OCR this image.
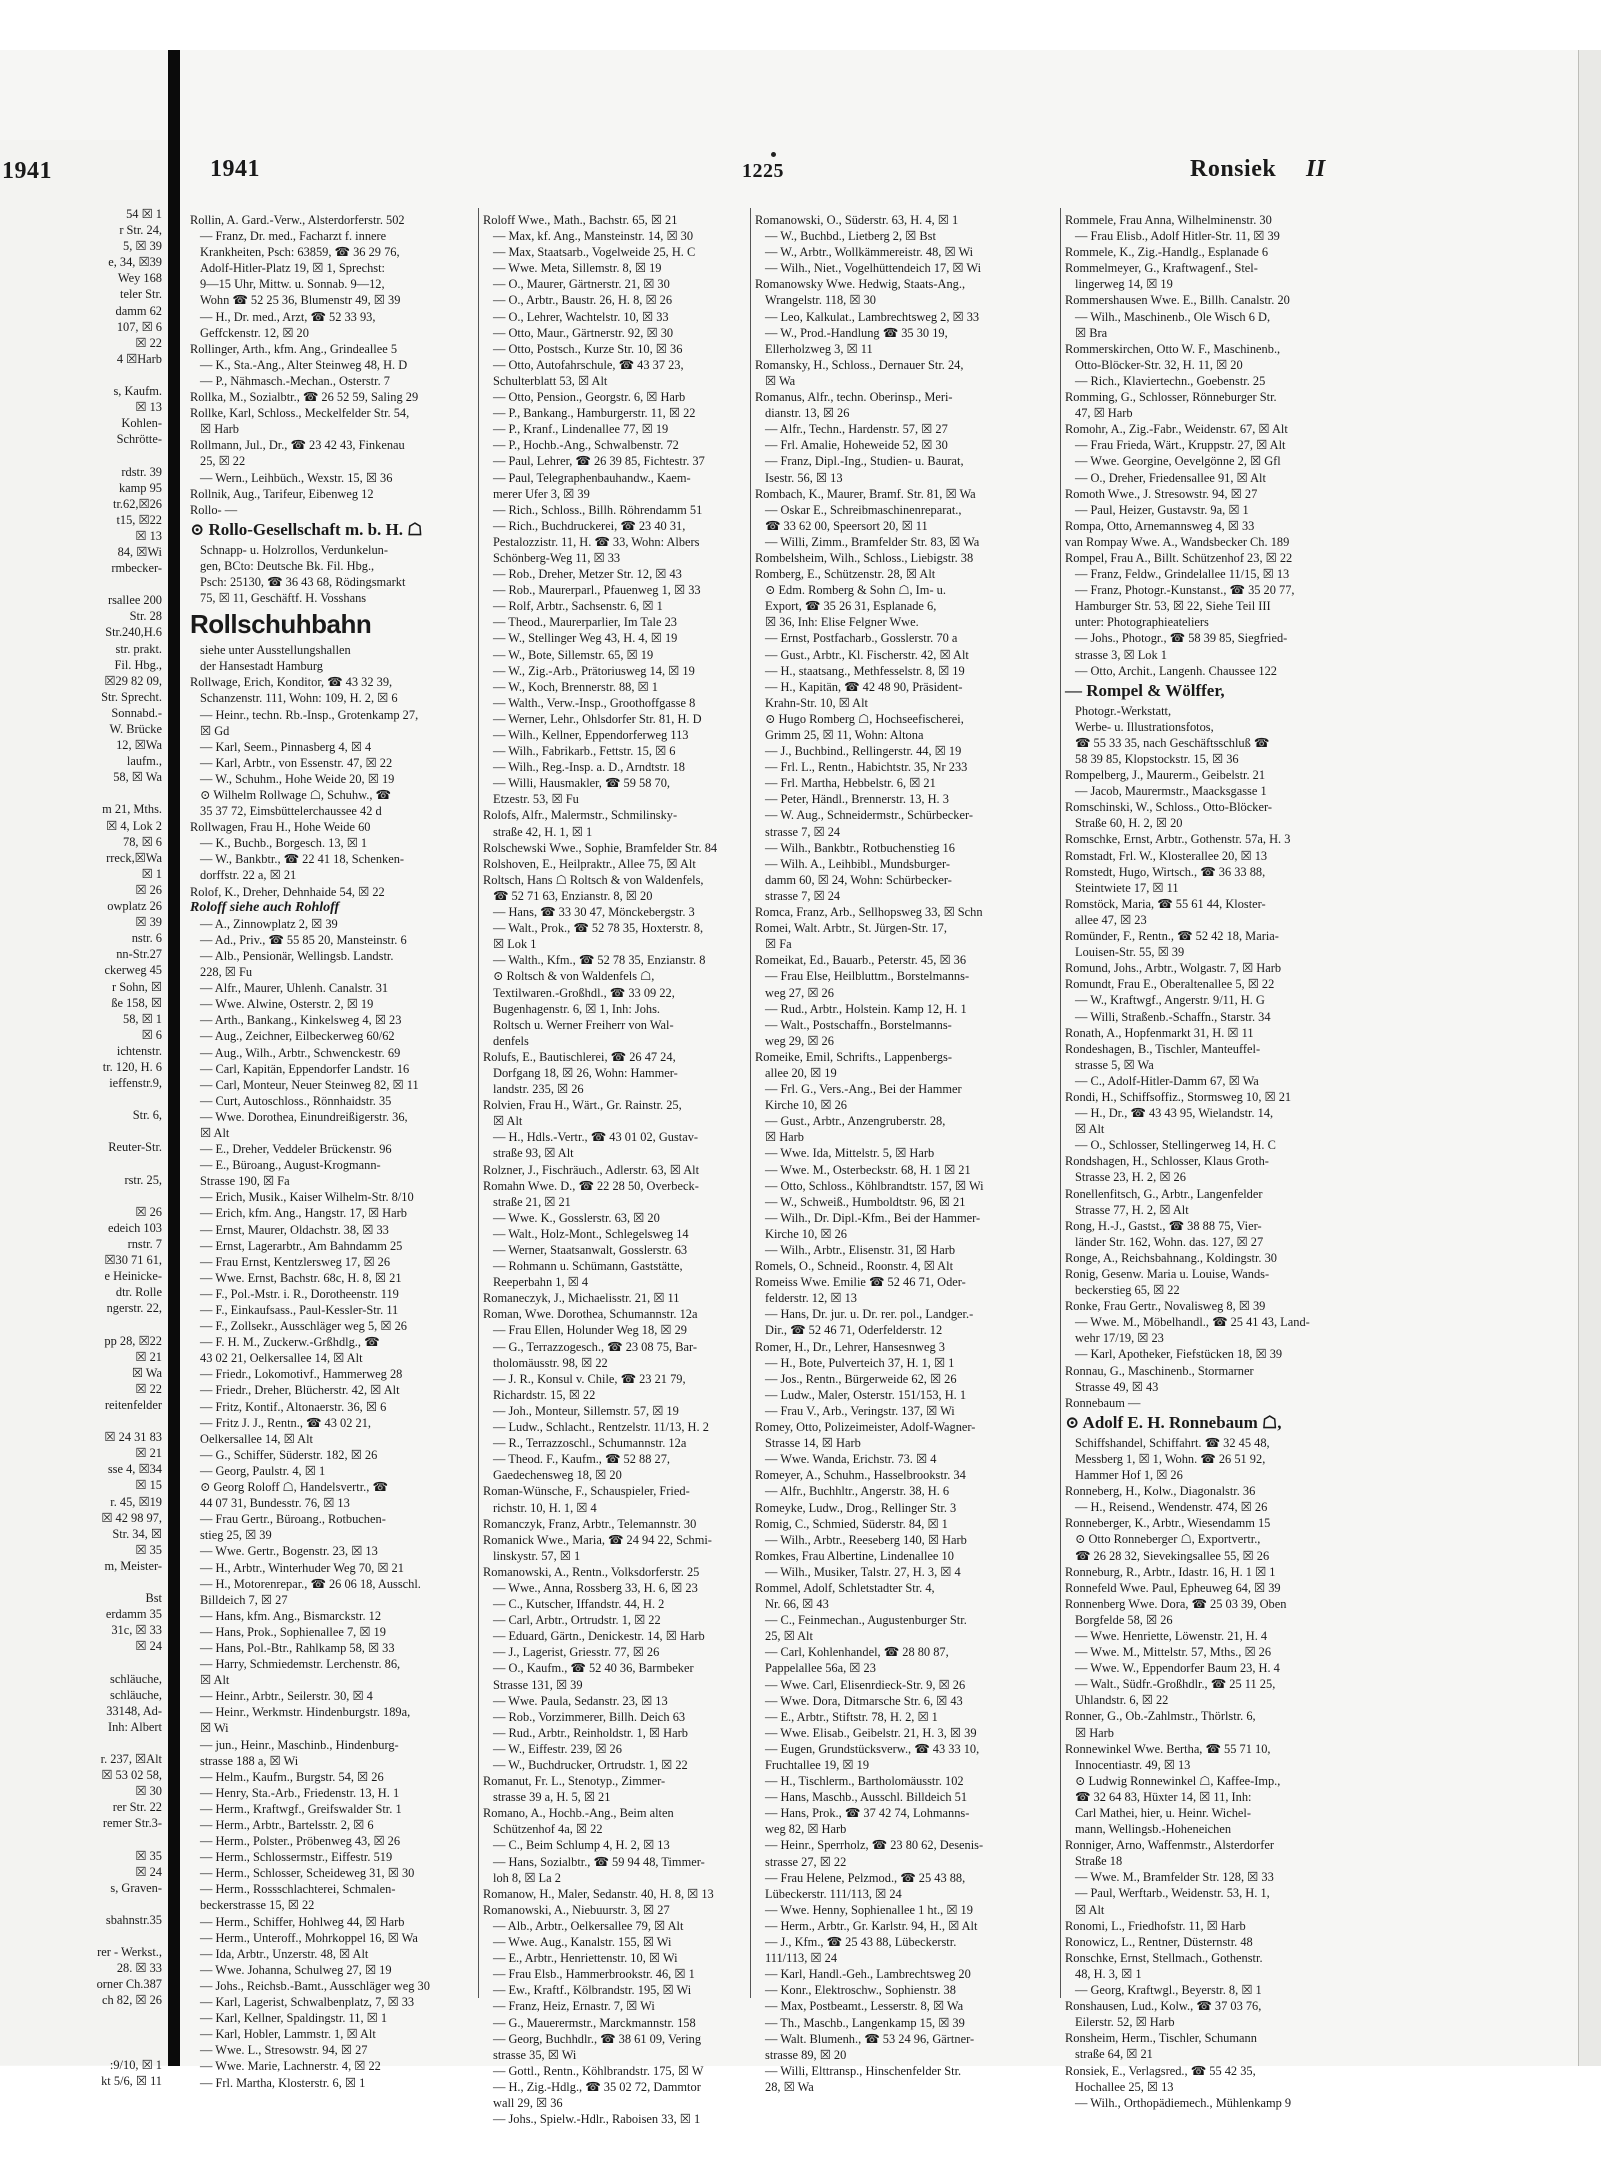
1941
54 ☒ 1
r Str. 24,
5, ☒ 39
e, 34, ☒39
Wey 168
teler Str.
damm 62
107, ☒ 6
☒ 22
4 ☒Harb

s, Kaufm.
☒ 13
Kohlen-
Schrötte-

rdstr. 39
kamp 95
tr.62,☒26
t15, ☒22
☒ 13
84, ☒Wi
rmbecker-

rsallee 200
Str. 28
Str.240,H.6
str. prakt.
Fil. Hbg.,
☒29 82 09,
Str. Sprecht.
Sonnabd.-
W. Brücke
12, ☒Wa
laufm.,
58, ☒ Wa

m 21, Mths.
☒ 4, Lok 2
78, ☒ 6
rreck,☒Wa
☒ 1
☒ 26
owplatz 26
☒ 39
nstr. 6
nn-Str.27
ckerweg 45
r Sohn, ☒
ße 158, ☒
58, ☒ 1
☒ 6
ichtenstr.
tr. 120, H. 6
ieffenstr.9,

Str. 6,

Reuter-Str.

rstr. 25,

☒ 26
edeich 103
rnstr. 7
☒30 71 61,
e Heinicke-
dtr. Rolle
ngerstr. 22,

pp 28, ☒22
☒ 21
☒ Wa
☒ 22
reitenfelder

☒ 24 31 83
☒ 21
sse 4, ☒34
☒ 15
r. 45, ☒19
☒ 42 98 97,
Str. 34, ☒
☒ 35
m, Meister-

Bst
erdamm 35
31c, ☒ 33
☒ 24

schläuche,
schläuche,
33148, Ad-
Inh: Albert

r. 237, ☒Alt
☒ 53 02 58,
☒ 30
rer Str. 22
remer Str.3-

☒ 35
☒ 24
s, Graven-

sbahnstr.35

rer - Werkst.,
28. ☒ 33
orner Ch.387
ch 82, ☒ 26

:9/10, ☒ 1
kt 5/6, ☒ 11
1941	1225	Ronsiek II
Rollin, A. Gard.-Verw., Alsterdorferstr. 502
— Franz, Dr. med., Facharzt f. innere
Krankheiten, Psch: 63859, ☎ 36 29 76,
Adolf-Hitler-Platz 19, ☒ 1, Sprechst:
9—15 Uhr, Mittw. u. Sonnab. 9—12,
Wohn ☎ 52 25 36, Blumenstr 49, ☒ 39
— H., Dr. med., Arzt, ☎ 52 33 93,
Geffckenstr. 12, ☒ 20
Rollinger, Arth., kfm. Ang., Grindeallee 5
— K., Sta.-Ang., Alter Steinweg 48, H. D
— P., Nähmasch.-Mechan., Osterstr. 7
Rollka, M., Sozialbtr., ☎ 26 52 59, Saling 29
Rollke, Karl, Schloss., Meckelfelder Str. 54,
☒ Harb
Rollmann, Jul., Dr., ☎ 23 42 43, Finkenau
25, ☒ 22
— Wern., Leihbüch., Wexstr. 15, ☒ 36
Rollnik, Aug., Tarifeur, Eibenweg 12
Rollo- —
⊙ Rollo-Gesellschaft m. b. H. ☖
Schnapp- u. Holzrollos, Verdunkelun-
gen, BCto: Deutsche Bk. Fil. Hbg.,
Psch: 25130, ☎ 36 43 68, Rödingsmarkt
75, ☒ 11, Geschäftf. H. Vosshans
Rollschuhbahn
siehe unter Ausstellungshallen
der Hansestadt Hamburg
Rollwage, Erich, Konditor, ☎ 43 32 39,
Schanzenstr. 111, Wohn: 109, H. 2, ☒ 6
— Heinr., techn. Rb.-Insp., Grotenkamp 27,
☒ Gd
— Karl, Seem., Pinnasberg 4, ☒ 4
— Karl, Arbtr., von Essenstr. 47, ☒ 22
— W., Schuhm., Hohe Weide 20, ☒ 19
⊙ Wilhelm Rollwage ☖, Schuhw., ☎
35 37 72, Eimsbüttelerchaussee 42 d
Rollwagen, Frau H., Hohe Weide 60
— K., Buchb., Borgesch. 13, ☒ 1
— W., Bankbtr., ☎ 22 41 18, Schenken-
dorffstr. 22 a, ☒ 21
Rolof, K., Dreher, Dehnhaide 54, ☒ 22
Roloff siehe auch Rohloff
— A., Zinnowplatz 2, ☒ 39
— Ad., Priv., ☎ 55 85 20, Mansteinstr. 6
— Alb., Pensionär, Wellingsb. Landstr.
228, ☒ Fu
— Alfr., Maurer, Uhlenh. Canalstr. 31
— Wwe. Alwine, Osterstr. 2, ☒ 19
— Arth., Bankang., Kinkelsweg 4, ☒ 23
— Aug., Zeichner, Eilbeckerweg 60/62
— Aug., Wilh., Arbtr., Schwenckestr. 69
— Carl, Kapitän, Eppendorfer Landstr. 16
— Carl, Monteur, Neuer Steinweg 82, ☒ 11
— Curt, Autoschloss., Rönnhaidstr. 35
— Wwe. Dorothea, Einundreißigerstr. 36,
☒ Alt
— E., Dreher, Veddeler Brückenstr. 96
— E., Büroang., August-Krogmann-
Strasse 190, ☒ Fa
— Erich, Musik., Kaiser Wilhelm-Str. 8/10
— Erich, kfm. Ang., Hangstr. 17, ☒ Harb
— Ernst, Maurer, Oldachstr. 38, ☒ 33
— Ernst, Lagerarbtr., Am Bahndamm 25
— Frau Ernst, Kentzlersweg 17, ☒ 26
— Wwe. Ernst, Bachstr. 68c, H. 8, ☒ 21
— F., Pol.-Mstr. i. R., Dorotheenstr. 119
— F., Einkaufsass., Paul-Kessler-Str. 11
— F., Zollsekr., Ausschläger weg 5, ☒ 26
— F. H. M., Zuckerw.-Grßhdlg., ☎
43 02 21, Oelkersallee 14, ☒ Alt
— Friedr., Lokomotivf., Hammerweg 28
— Friedr., Dreher, Blücherstr. 42, ☒ Alt
— Fritz, Kontif., Altonaerstr. 36, ☒ 6
— Fritz J. J., Rentn., ☎ 43 02 21,
Oelkersallee 14, ☒ Alt
— G., Schiffer, Süderstr. 182, ☒ 26
— Georg, Paulstr. 4, ☒ 1
⊙ Georg Roloff ☖, Handelsvertr., ☎
44 07 31, Bundesstr. 76, ☒ 13
— Frau Gertr., Büroang., Rotbuchen-
stieg 25, ☒ 39
— Wwe. Gertr., Bogenstr. 23, ☒ 13
— H., Arbtr., Winterhuder Weg 70, ☒ 21
— H., Motorenrepar., ☎ 26 06 18, Ausschl.
Billdeich 7, ☒ 27
— Hans, kfm. Ang., Bismarckstr. 12
— Hans, Prok., Sophienallee 7, ☒ 19
— Hans, Pol.-Btr., Rahlkamp 58, ☒ 33
— Harry, Schmiedemstr. Lerchenstr. 86,
☒ Alt
— Heinr., Arbtr., Seilerstr. 30, ☒ 4
— Heinr., Werkmstr. Hindenburgstr. 189a,
☒ Wi
— jun., Heinr., Maschinb., Hindenburg-
strasse 188 a, ☒ Wi
— Helm., Kaufm., Burgstr. 54, ☒ 26
— Henry, Sta.-Arb., Friedenstr. 13, H. 1
— Herm., Kraftwgf., Greifswalder Str. 1
— Herm., Arbtr., Bartelsstr. 2, ☒ 6
— Herm., Polster., Pröbenweg 43, ☒ 26
— Herm., Schlossermstr., Eiffestr. 519
— Herm., Schlosser, Scheideweg 31, ☒ 30
— Herm., Rossschlachterei, Schmalen-
beckerstrasse 15, ☒ 22
— Herm., Schiffer, Hohlweg 44, ☒ Harb
— Herm., Unteroff., Mohrkoppel 16, ☒ Wa
— Ida, Arbtr., Unzerstr. 48, ☒ Alt
— Wwe. Johanna, Schulweg 27, ☒ 19
— Johs., Reichsb.-Bamt., Ausschläger weg 30
— Karl, Lagerist, Schwalbenplatz, 7, ☒ 33
— Karl, Kellner, Spaldingstr. 11, ☒ 1
— Karl, Hobler, Lammstr. 1, ☒ Alt
— Wwe. L., Stresowstr. 94, ☒ 27
— Wwe. Marie, Lachnerstr. 4, ☒ 22
— Frl. Martha, Klosterstr. 6, ☒ 1
Roloff Wwe., Math., Bachstr. 65, ☒ 21
— Max, kf. Ang., Mansteinstr. 14, ☒ 30
— Max, Staatsarb., Vogelweide 25, H. C
— Wwe. Meta, Sillemstr. 8, ☒ 19
— O., Maurer, Gärtnerstr. 21, ☒ 30
— O., Arbtr., Baustr. 26, H. 8, ☒ 26
— O., Lehrer, Wachtelstr. 10, ☒ 33
— Otto, Maur., Gärtnerstr. 92, ☒ 30
— Otto, Postsch., Kurze Str. 10, ☒ 36
— Otto, Autofahrschule, ☎ 43 37 23,
Schulterblatt 53, ☒ Alt
— Otto, Pension., Georgstr. 6, ☒ Harb
— P., Bankang., Hamburgerstr. 11, ☒ 22
— P., Kranf., Lindenallee 77, ☒ 19
— P., Hochb.-Ang., Schwalbenstr. 72
— Paul, Lehrer, ☎ 26 39 85, Fichtestr. 37
— Paul, Telegraphenbauhandw., Kaem-
merer Ufer 3, ☒ 39
— Rich., Schloss., Billh. Röhrendamm 51
— Rich., Buchdruckerei, ☎ 23 40 31,
Pestalozzistr. 11, H. ☎ 33, Wohn: Albers
Schönberg-Weg 11, ☒ 33
— Rob., Dreher, Metzer Str. 12, ☒ 43
— Rob., Maurerparl., Pfauenweg 1, ☒ 33
— Rolf, Arbtr., Sachsenstr. 6, ☒ 1
— Theod., Maurerparlier, Im Tale 23
— W., Stellinger Weg 43, H. 4, ☒ 19
— W., Bote, Sillemstr. 65, ☒ 19
— W., Zig.-Arb., Prätoriusweg 14, ☒ 19
— W., Koch, Brennerstr. 88, ☒ 1
— Walth., Verw.-Insp., Groothoffgasse 8
— Werner, Lehr., Ohlsdorfer Str. 81, H. D
— Wilh., Kellner, Eppendorferweg 113
— Wilh., Fabrikarb., Fettstr. 15, ☒ 6
— Wilh., Reg.-Insp. a. D., Arndtstr. 18
— Willi, Hausmakler, ☎ 59 58 70,
Etzestr. 53, ☒ Fu
Rolofs, Alfr., Malermstr., Schmilinsky-
straße 42, H. 1, ☒ 1
Rolschewski Wwe., Sophie, Bramfelder Str. 84
Rolshoven, E., Heilpraktr., Allee 75, ☒ Alt
Roltsch, Hans ☖ Roltsch & von Waldenfels,
☎ 52 71 63, Enzianstr. 8, ☒ 20
— Hans, ☎ 33 30 47, Mönckebergstr. 3
— Walt., Prok., ☎ 52 78 35, Hoxterstr. 8,
☒ Lok 1
— Walth., Kfm., ☎ 52 78 35, Enzianstr. 8
⊙ Roltsch & von Waldenfels ☖,
Textilwaren.-Großhdl., ☎ 33 09 22,
Bugenhagenstr. 6, ☒ 1, Inh: Johs.
Roltsch u. Werner Freiherr von Wal-
denfels
Rolufs, E., Bautischlerei, ☎ 26 47 24,
Dorfgang 18, ☒ 26, Wohn: Hammer-
landstr. 235, ☒ 26
Rolvien, Frau H., Wärt., Gr. Rainstr. 25,
☒ Alt
— H., Hdls.-Vertr., ☎ 43 01 02, Gustav-
straße 93, ☒ Alt
Rolzner, J., Fischräuch., Adlerstr. 63, ☒ Alt
Romahn Wwe. D., ☎ 22 28 50, Overbeck-
straße 21, ☒ 21
— Wwe. K., Gosslerstr. 63, ☒ 20
— Walt., Holz-Mont., Schlegelsweg 14
— Werner, Staatsanwalt, Gosslerstr. 63
— Rohmann u. Schümann, Gaststätte,
Reeperbahn 1, ☒ 4
Romaneczyk, J., Michaelisstr. 21, ☒ 11
Roman, Wwe. Dorothea, Schumannstr. 12a
— Frau Ellen, Holunder Weg 18, ☒ 29
— G., Terrazzogesch., ☎ 23 08 75, Bar-
tholomäusstr. 98, ☒ 22
— J. R., Konsul v. Chile, ☎ 23 21 79,
Richardstr. 15, ☒ 22
— Joh., Monteur, Sillemstr. 57, ☒ 19
— Ludw., Schlacht., Rentzelstr. 11/13, H. 2
— R., Terrazzoschl., Schumannstr. 12a
— Theod. F., Kaufm., ☎ 52 88 27,
Gaedechensweg 18, ☒ 20
Roman-Wünsche, F., Schauspieler, Fried-
richstr. 10, H. 1, ☒ 4
Romanczyk, Franz, Arbtr., Telemannstr. 30
Romanick Wwe., Maria, ☎ 24 94 22, Schmi-
linskystr. 57, ☒ 1
Romanowski, A., Rentn., Volksdorferstr. 25
— Wwe., Anna, Rossberg 33, H. 6, ☒ 23
— C., Kutscher, Iffandstr. 44, H. 2
— Carl, Arbtr., Ortrudstr. 1, ☒ 22
— Eduard, Gärtn., Denickestr. 14, ☒ Harb
— J., Lagerist, Griesstr. 77, ☒ 26
— O., Kaufm., ☎ 52 40 36, Barmbeker
Strasse 131, ☒ 39
— Wwe. Paula, Sedanstr. 23, ☒ 13
— Rob., Vorzimmerer, Billh. Deich 63
— Rud., Arbtr., Reinholdstr. 1, ☒ Harb
— W., Eiffestr. 239, ☒ 26
— W., Buchdrucker, Ortrudstr. 1, ☒ 22
Romanut, Fr. L., Stenotyp., Zimmer-
strasse 39 a, H. 5, ☒ 21
Romano, A., Hochb.-Ang., Beim alten
Schützenhof 4a, ☒ 22
— C., Beim Schlump 4, H. 2, ☒ 13
— Hans, Sozialbtr., ☎ 59 94 48, Timmer-
loh 8, ☒ La 2
Romanow, H., Maler, Sedanstr. 40, H. 8, ☒ 13
Romanowski, A., Niebuurstr. 3, ☒ 27
— Alb., Arbtr., Oelkersallee 79, ☒ Alt
— Wwe. Aug., Kanalstr. 155, ☒ Wi
— E., Arbtr., Henriettenstr. 10, ☒ Wi
— Frau Elsb., Hammerbrookstr. 46, ☒ 1
— Ew., Kraftf., Kölbrandstr. 195, ☒ Wi
— Franz, Heiz, Ernastr. 7, ☒ Wi
— G., Mauerermstr., Marckmannstr. 158
— Georg, Buchhdlr., ☎ 38 61 09, Vering
strasse 35, ☒ Wi
— Gottl., Rentn., Köhlbrandstr. 175, ☒ W
— H., Zig.-Hdlg., ☎ 35 02 72, Dammtor
wall 29, ☒ 36
— Johs., Spielw.-Hdlr., Raboisen 33, ☒ 1
Romanowski, O., Süderstr. 63, H. 4, ☒ 1
— W., Buchbd., Lietberg 2, ☒ Bst
— W., Arbtr., Wollkämmereistr. 48, ☒ Wi
— Wilh., Niet., Vogelhüttendeich 17, ☒ Wi
Romanowsky Wwe. Hedwig, Staats-Ang.,
Wrangelstr. 118, ☒ 30
— Leo, Kalkulat., Lambrechtsweg 2, ☒ 33
— W., Prod.-Handlung ☎ 35 30 19,
Ellerholzweg 3, ☒ 11
Romansky, H., Schloss., Dernauer Str. 24,
☒ Wa
Romanus, Alfr., techn. Oberinsp., Meri-
dianstr. 13, ☒ 26
— Alfr., Techn., Hardenstr. 57, ☒ 27
— Frl. Amalie, Hoheweide 52, ☒ 30
— Franz, Dipl.-Ing., Studien- u. Baurat,
Isestr. 56, ☒ 13
Rombach, K., Maurer, Bramf. Str. 81, ☒ Wa
— Oskar E., Schreibmaschinenreparat.,
☎ 33 62 00, Speersort 20, ☒ 11
— Willi, Zimm., Bramfelder Str. 83, ☒ Wa
Rombelsheim, Wilh., Schloss., Liebigstr. 38
Romberg, E., Schützenstr. 28, ☒ Alt
⊙ Edm. Romberg & Sohn ☖, Im- u.
Export, ☎ 35 26 31, Esplanade 6,
☒ 36, Inh: Elise Felgner Wwe.
— Ernst, Postfacharb., Gosslerstr. 70 a
— Gust., Arbtr., Kl. Fischerstr. 42, ☒ Alt
— H., staatsang., Methfesselstr. 8, ☒ 19
— H., Kapitän, ☎ 42 48 90, Präsident-
Krahn-Str. 10, ☒ Alt
⊙ Hugo Romberg ☖, Hochseefischerei,
Grimm 25, ☒ 11, Wohn: Altona
— J., Buchbind., Rellingerstr. 44, ☒ 19
— Frl. L., Rentn., Habichtstr. 35, Nr 233
— Frl. Martha, Hebbelstr. 6, ☒ 21
— Peter, Händl., Brennerstr. 13, H. 3
— W. Aug., Schneidermstr., Schürbecker-
strasse 7, ☒ 24
— Wilh., Bankbtr., Rotbuchenstieg 16
— Wilh. A., Leihbibl., Mundsburger-
damm 60, ☒ 24, Wohn: Schürbecker-
strasse 7, ☒ 24
Romca, Franz, Arb., Sellhopsweg 33, ☒ Schn
Romei, Walt. Arbtr., St. Jürgen-Str. 17,
☒ Fa
Romeikat, Ed., Bauarb., Peterstr. 45, ☒ 36
— Frau Else, Heilbluttm., Borstelmanns-
weg 27, ☒ 26
— Rud., Arbtr., Holstein. Kamp 12, H. 1
— Walt., Postschaffn., Borstelmanns-
weg 29, ☒ 26
Romeike, Emil, Schrifts., Lappenbergs-
allee 20, ☒ 19
— Frl. G., Vers.-Ang., Bei der Hammer
Kirche 10, ☒ 26
— Gust., Arbtr., Anzengruberstr. 28,
☒ Harb
— Wwe. Ida, Mittelstr. 5, ☒ Harb
— Wwe. M., Osterbeckstr. 68, H. 1 ☒ 21
— Otto, Schloss., Köhlbrandtstr. 157, ☒ Wi
— W., Schweiß., Humboldtstr. 96, ☒ 21
— Wilh., Dr. Dipl.-Kfm., Bei der Hammer-
Kirche 10, ☒ 26
— Wilh., Arbtr., Elisenstr. 31, ☒ Harb
Romels, O., Schneid., Roonstr. 4, ☒ Alt
Romeiss Wwe. Emilie ☎ 52 46 71, Oder-
felderstr. 12, ☒ 13
— Hans, Dr. jur. u. Dr. rer. pol., Landger.-
Dir., ☎ 52 46 71, Oderfelderstr. 12
Romer, H., Dr., Lehrer, Hansesnweg 3
— H., Bote, Pulverteich 37, H. 1, ☒ 1
— Jos., Rentn., Bürgerweide 62, ☒ 26
— Ludw., Maler, Osterstr. 151/153, H. 1
— Frau V., Arb., Veringstr. 137, ☒ Wi
Romey, Otto, Polizeimeister, Adolf-Wagner-
Strasse 14, ☒ Harb
— Wwe. Wanda, Erichstr. 73. ☒ 4
Romeyer, A., Schuhm., Hasselbrookstr. 34
— Alfr., Buchhltr., Angerstr. 38, H. 6
Romeyke, Ludw., Drog., Rellinger Str. 3
Romig, C., Schmied, Süderstr. 84, ☒ 1
— Wilh., Arbtr., Reeseberg 140, ☒ Harb
Romkes, Frau Albertine, Lindenallee 10
— Wilh., Musiker, Talstr. 27, H. 3, ☒ 4
Rommel, Adolf, Schletstadter Str. 4,
Nr. 66, ☒ 43
— C., Feinmechan., Augustenburger Str.
25, ☒ Alt
— Carl, Kohlenhandel, ☎ 28 80 87,
Pappelallee 56a, ☒ 23
— Wwe. Carl, Elisenrdieck-Str. 9, ☒ 26
— Wwe. Dora, Ditmarsche Str. 6, ☒ 43
— E., Arbtr., Stiftstr. 78, H. 2, ☒ 1
— Wwe. Elisab., Geibelstr. 21, H. 3, ☒ 39
— Eugen, Grundstücksverw., ☎ 43 33 10,
Fruchtallee 19, ☒ 19
— H., Tischlerm., Bartholomäusstr. 102
— Hans, Maschb., Ausschl. Billdeich 51
— Hans, Prok., ☎ 37 42 74, Lohmanns-
weg 82, ☒ Harb
— Heinr., Sperrholz, ☎ 23 80 62, Desenis-
strasse 27, ☒ 22
— Frau Helene, Pelzmod., ☎ 25 43 88,
Lübeckerstr. 111/113, ☒ 24
— Wwe. Henny, Sophienallee 1 ht., ☒ 19
— Herm., Arbtr., Gr. Karlstr. 94, H., ☒ Alt
— J., Kfm., ☎ 25 43 88, Lübeckerstr.
111/113, ☒ 24
— Karl, Handl.-Geh., Lambrechtsweg 20
— Konr., Elektroschw., Sophienstr. 38
— Max, Postbeamt., Lesserstr. 8, ☒ Wa
— Th., Maschb., Langenkamp 15, ☒ 39
— Walt. Blumenh., ☎ 53 24 96, Gärtner-
strasse 89, ☒ 20
— Willi, Elttransp., Hinschenfelder Str.
28, ☒ Wa
Rommele, Frau Anna, Wilhelminenstr. 30
— Frau Elisb., Adolf Hitler-Str. 11, ☒ 39
Rommele, K., Zig.-Handlg., Esplanade 6
Rommelmeyer, G., Kraftwagenf., Stel-
lingerweg 14, ☒ 19
Rommershausen Wwe. E., Billh. Canalstr. 20
— Wilh., Maschinenb., Ole Wisch 6 D,
☒ Bra
Rommerskirchen, Otto W. F., Maschinenb.,
Otto-Blöcker-Str. 32, H. 11, ☒ 20
— Rich., Klaviertechn., Goebenstr. 25
Romming, G., Schlosser, Rönneburger Str.
47, ☒ Harb
Romohr, A., Zig.-Fabr., Weidenstr. 67, ☒ Alt
— Frau Frieda, Wärt., Kruppstr. 27, ☒ Alt
— Wwe. Georgine, Oevelgönne 2, ☒ Gfl
— O., Dreher, Friedensallee 91, ☒ Alt
Romoth Wwe., J. Stresowstr. 94, ☒ 27
— Paul, Heizer, Gustavstr. 9a, ☒ 1
Rompa, Otto, Arnemannsweg 4, ☒ 33
van Rompay Wwe. A., Wandsbecker Ch. 189
Rompel, Frau A., Billt. Schützenhof 23, ☒ 22
— Franz, Feldw., Grindelallee 11/15, ☒ 13
— Franz, Photogr.-Kunstanst., ☎ 35 20 77,
Hamburger Str. 53, ☒ 22, Siehe Teil III
unter: Photographieateliers
— Johs., Photogr., ☎ 58 39 85, Siegfried-
strasse 3, ☒ Lok 1
— Otto, Archit., Langenh. Chaussee 122
— Rompel & Wölffer,
Photogr.-Werkstatt,
Werbe- u. Illustrationsfotos,
☎ 55 33 35, nach Geschäftsschluß ☎
58 39 85, Klopstockstr. 15, ☒ 36
Rompelberg, J., Maurerm., Geibelstr. 21
— Jacob, Maurermstr., Maacksgasse 1
Romschinski, W., Schloss., Otto-Blöcker-
Straße 60, H. 2, ☒ 20
Romschke, Ernst, Arbtr., Gothenstr. 57a, H. 3
Romstadt, Frl. W., Klosterallee 20, ☒ 13
Romstedt, Hugo, Wirtsch., ☎ 36 33 88,
Steintwiete 17, ☒ 11
Romstöck, Maria, ☎ 55 61 44, Kloster-
allee 47, ☒ 23
Romünder, F., Rentn., ☎ 52 42 18, Maria-
Louisen-Str. 55, ☒ 39
Romund, Johs., Arbtr., Wolgastr. 7, ☒ Harb
Romundt, Frau E., Oberaltenallee 5, ☒ 22
— W., Kraftwgf., Angerstr. 9/11, H. G
— Willi, Straßenb.-Schaffn., Starstr. 34
Ronath, A., Hopfenmarkt 31, H. ☒ 11
Rondeshagen, B., Tischler, Manteuffel-
strasse 5, ☒ Wa
— C., Adolf-Hitler-Damm 67, ☒ Wa
Rondi, H., Schiffsoffiz., Stormsweg 10, ☒ 21
— H., Dr., ☎ 43 43 95, Wielandstr. 14,
☒ Alt
— O., Schlosser, Stellingerweg 14, H. C
Rondshagen, H., Schlosser, Klaus Groth-
Strasse 23, H. 2, ☒ 26
Ronellenfitsch, G., Arbtr., Langenfelder
Strasse 77, H. 2, ☒ Alt
Rong, H.-J., Gastst., ☎ 38 88 75, Vier-
länder Str. 162, Wohn. das. 127, ☒ 27
Ronge, A., Reichsbahnang., Koldingstr. 30
Ronig, Gesenw. Maria u. Louise, Wands-
beckerstieg 65, ☒ 22
Ronke, Frau Gertr., Novalisweg 8, ☒ 39
— Wwe. M., Möbelhandl., ☎ 25 41 43, Land-
wehr 17/19, ☒ 23
— Karl, Apotheker, Fiefstücken 18, ☒ 39
Ronnau, G., Maschinenb., Stormarner
Strasse 49, ☒ 43
Ronnebaum —
⊙ Adolf E. H. Ronnebaum ☖,
Schiffshandel, Schiffahrt. ☎ 32 45 48,
Messberg 1, ☒ 1, Wohn. ☎ 26 51 92,
Hammer Hof 1, ☒ 26
Ronneberg, H., Kolw., Diagonalstr. 36
— H., Reisend., Wendenstr. 474, ☒ 26
Ronneberger, K., Arbtr., Wiesendamm 15
⊙ Otto Ronneberger ☖, Exportvertr.,
☎ 26 28 32, Sievekingsallee 55, ☒ 26
Ronneburg, R., Arbtr., Idastr. 16, H. 1 ☒ 1
Ronnefeld Wwe. Paul, Epheuweg 64, ☒ 39
Ronnenberg Wwe. Dora, ☎ 25 03 39, Oben
Borgfelde 58, ☒ 26
— Wwe. Henriette, Löwenstr. 21, H. 4
— Wwe. M., Mittelstr. 57, Mths., ☒ 26
— Wwe. W., Eppendorfer Baum 23, H. 4
— Walt., Südfr.-Großhdlr., ☎ 25 11 25,
Uhlandstr. 6, ☒ 22
Ronner, G., Ob.-Zahlmstr., Thörlstr. 6,
☒ Harb
Ronnewinkel Wwe. Bertha, ☎ 55 71 10,
Innocentiastr. 49, ☒ 13
⊙ Ludwig Ronnewinkel ☖, Kaffee-Imp.,
☎ 32 64 83, Hüxter 14, ☒ 11, Inh:
Carl Mathei, hier, u. Heinr. Wichel-
mann, Wellingsb.-Hoheneichen
Ronniger, Arno, Waffenmstr., Alsterdorfer
Straße 18
— Wwe. M., Bramfelder Str. 128, ☒ 33
— Paul, Werftarb., Weidenstr. 53, H. 1,
☒ Alt
Ronomi, L., Friedhofstr. 11, ☒ Harb
Ronowicz, L., Rentner, Düsternstr. 48
Ronschke, Ernst, Stellmach., Gothenstr.
48, H. 3, ☒ 1
— Georg, Kraftwgl., Beyerstr. 8, ☒ 1
Ronshausen, Lud., Kolw., ☎ 37 03 76,
Eilerstr. 52, ☒ Harb
Ronsheim, Herm., Tischler, Schumann
straße 64, ☒ 21
Ronsiek, E., Verlagsred., ☎ 55 42 35,
Hochallee 25, ☒ 13
— Wilh., Orthopädiemech., Mühlenkamp 9
